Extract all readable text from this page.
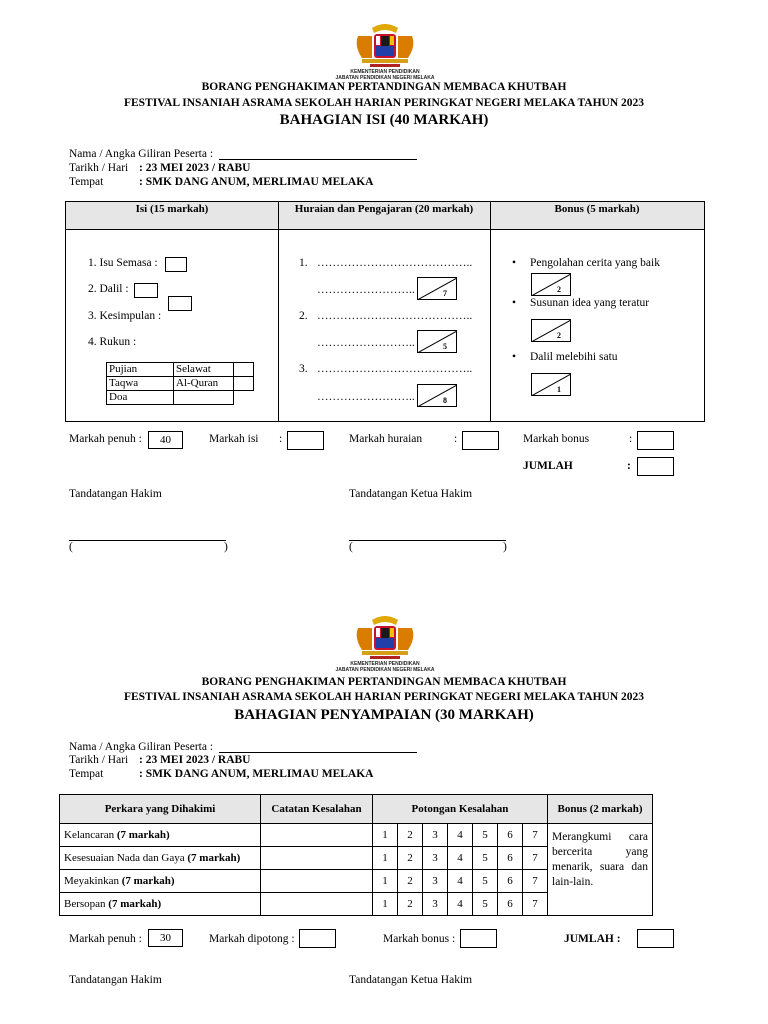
KEMENTERIAN PENDIDIKAN
JABATAN PENDIDIKAN NEGERI MELAKA
BORANG PENGHAKIMAN PERTANDINGAN MEMBACA KHUTBAH
FESTIVAL INSANIAH ASRAMA SEKOLAH HARIAN PERINGKAT NEGERI MELAKA TAHUN 2023
BAHAGIAN ISI (40 MARKAH)
Nama / Angka Giliran Peserta :
Tarikh / Hari : 23 MEI 2023 / RABU
Tempat	: SMK DANG ANUM, MERLIMAU MELAKA
Isi (15 markah)	Huraian dan Pengajaran (20 markah)	Bonus (5 markah)
1. Isu Semasa :
2. Dalil :
3. Kesimpulan :
4. Rukun :
Pujian	Selawat	
Taqwa	Al-Quran	
Doa		
1. …………………………………..
……………………..	7
2. …………………………………..
……………………..	5
3. …………………………………..
……………………..	8
• Pengolahan cerita yang baik
2
• Susunan idea yang teratur
2
• Dalil melebihi satu
1
Markah penuh :	40	Markah isi :	Markah huraian	:	Markah bonus	:
JUMLAH	:
Tandatangan Hakim	Tandatangan Ketua Hakim
(	)	(	)
KEMENTERIAN PENDIDIKAN
JABATAN PENDIDIKAN NEGERI MELAKA
BORANG PENGHAKIMAN PERTANDINGAN MEMBACA KHUTBAH
FESTIVAL INSANIAH ASRAMA SEKOLAH HARIAN PERINGKAT NEGERI MELAKA TAHUN 2023
BAHAGIAN PENYAMPAIAN (30 MARKAH)
Nama / Angka Giliran Peserta :
Tarikh / Hari : 23 MEI 2023 / RABU
Tempat	: SMK DANG ANUM, MERLIMAU MELAKA
Perkara yang Dihakimi	Catatan Kesalahan	Potongan Kesalahan							Bonus (2 markah)
Kelancaran (7 markah)		1	2	3	4	5	6	7	Merangkumi cara bercerita yang menarik, suara dan lain-lain.

Kesesuaian Nada dan Gaya (7 markah)		1	2	3	4	5	6	7	
Meyakinkan (7 markah)		1	2	3	4	5	6	7	
Bersopan (7 markah)		1	2	3	4	5	6	7	
Markah penuh :	30	Markah dipotong :	Markah bonus :	JUMLAH :
Tandatangan Hakim	Tandatangan Ketua Hakim
